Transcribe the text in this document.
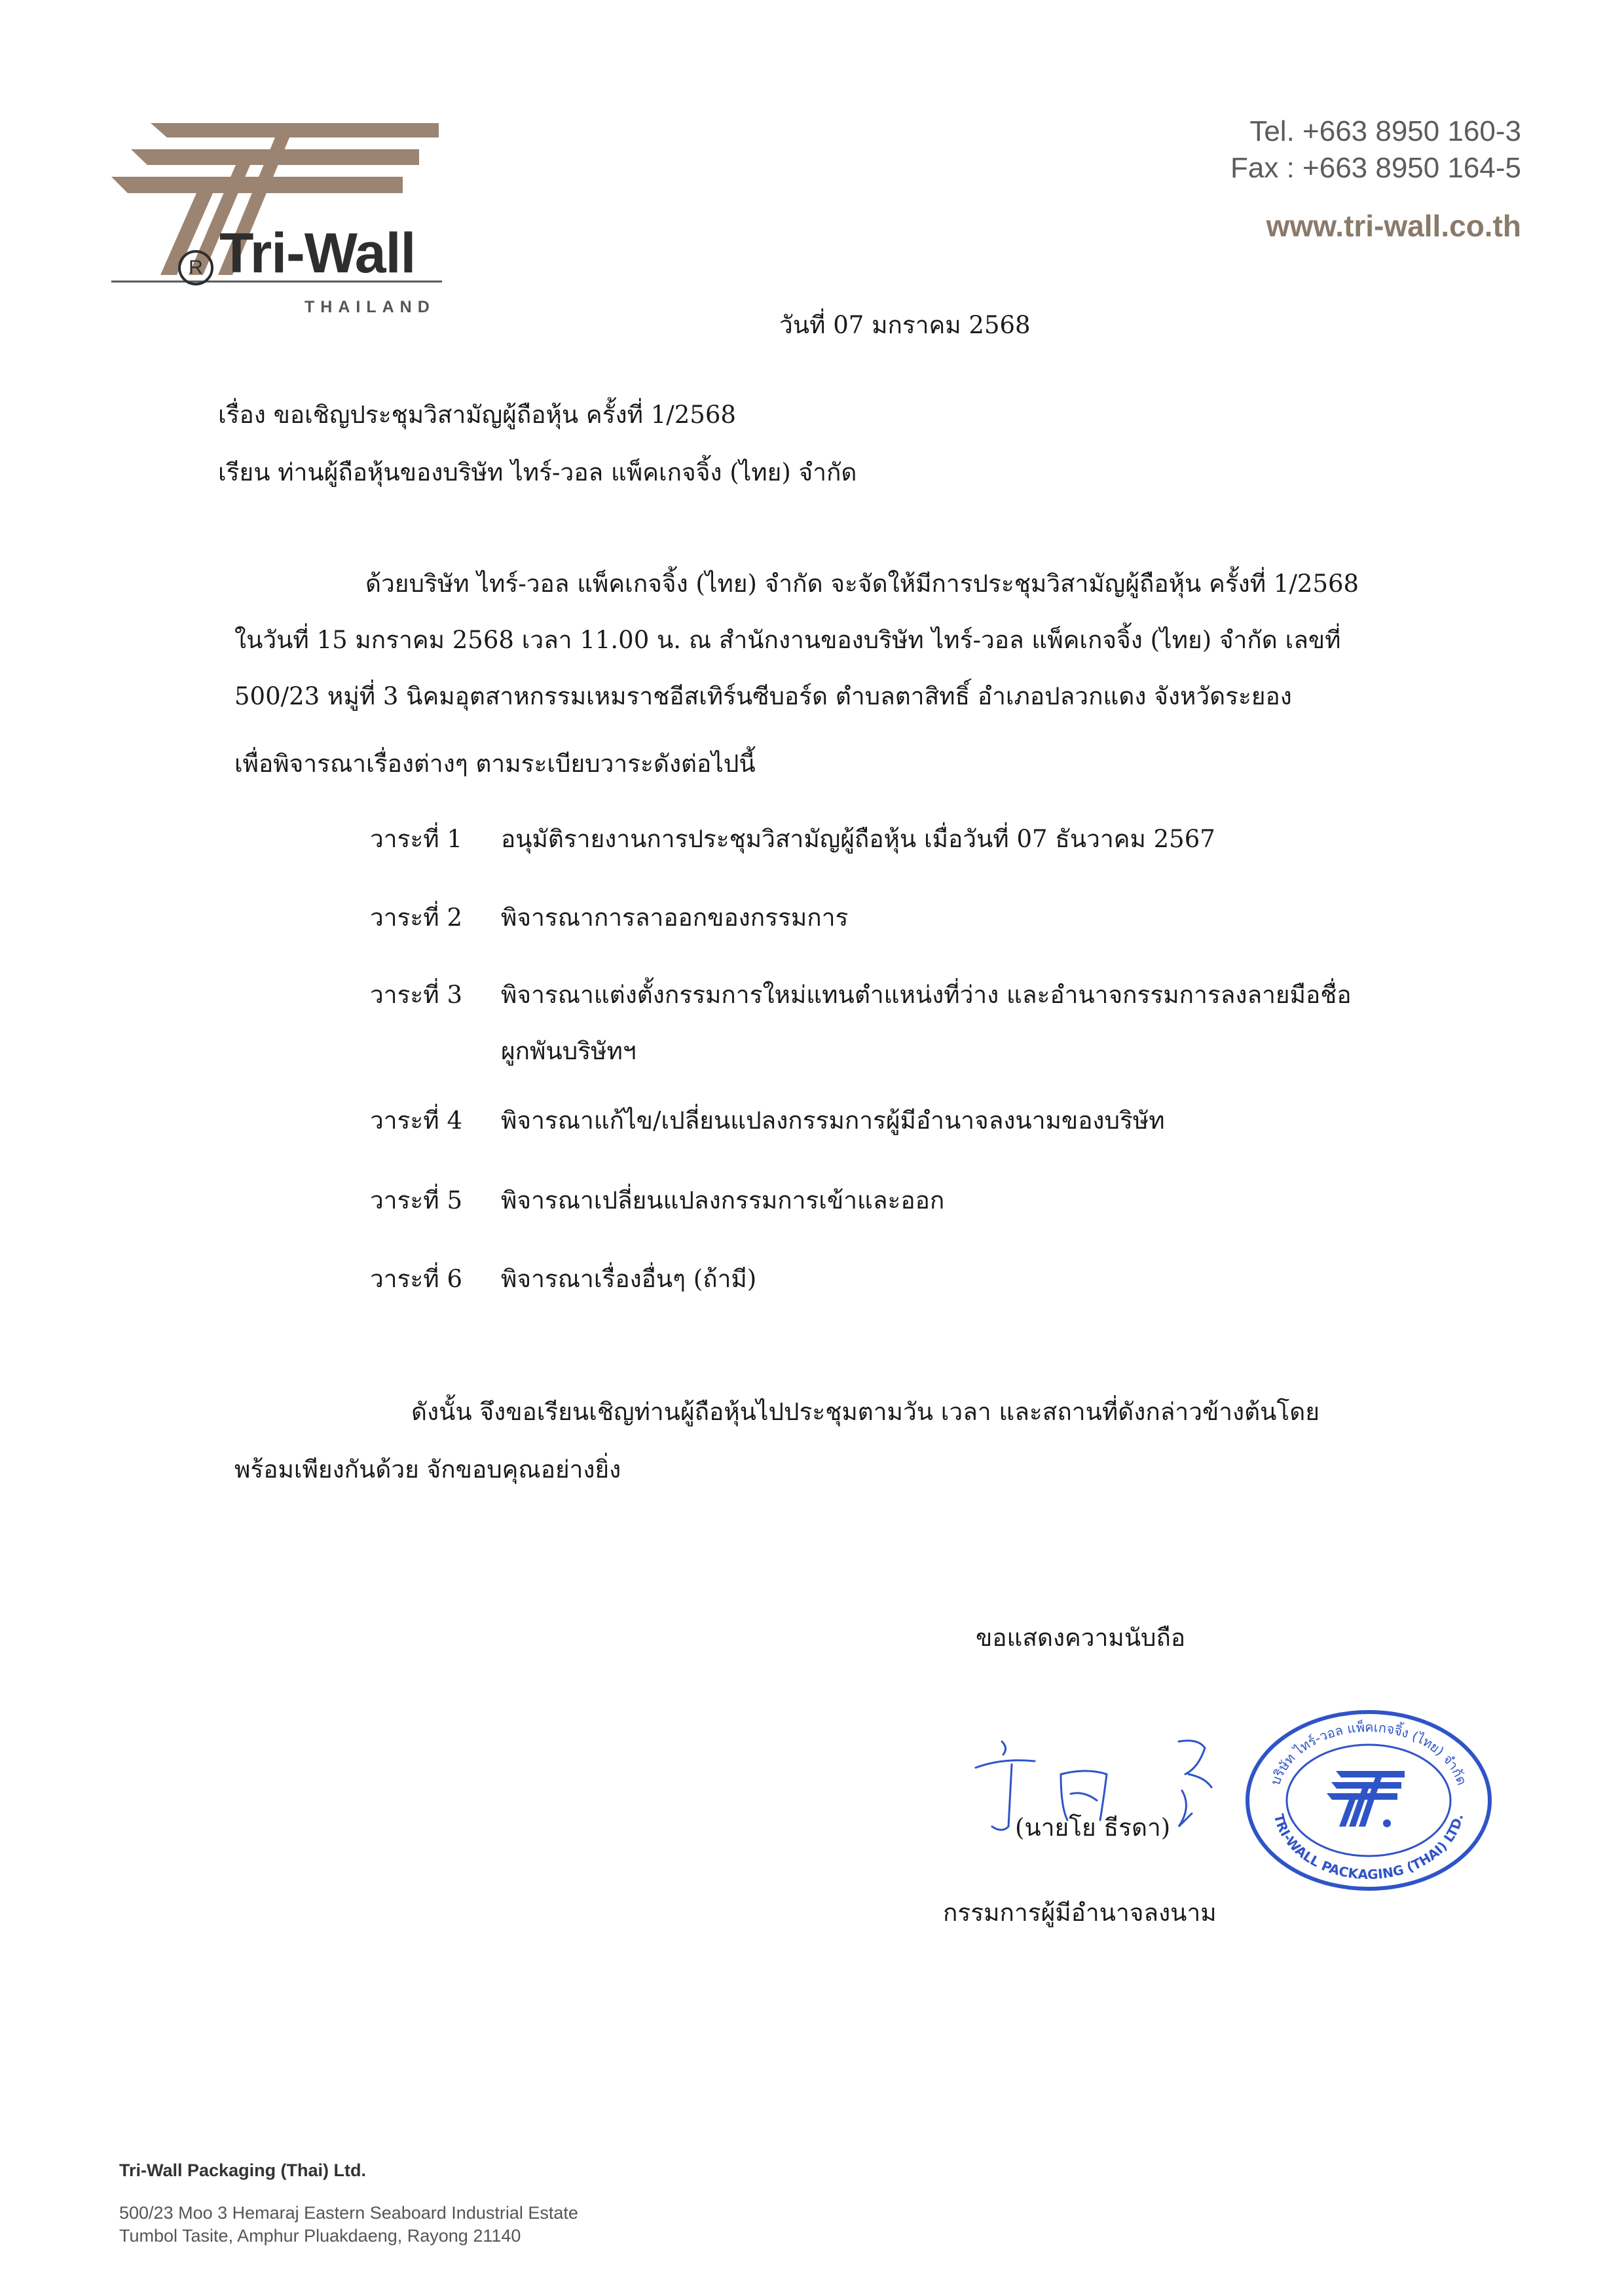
R Tri-Wall
THAILAND
Tel. +663 8950 160-3
Fax : +663 8950 164-5
www.tri-wall.co.th
วันที่ 07 มกราคม 2568
เรื่อง ขอเชิญประชุมวิสามัญผู้ถือหุ้น ครั้งที่ 1/2568
เรียน ท่านผู้ถือหุ้นของบริษัท ไทร์-วอล แพ็คเกจจิ้ง (ไทย) จำกัด
ด้วยบริษัท ไทร์-วอล แพ็คเกจจิ้ง (ไทย) จำกัด จะจัดให้มีการประชุมวิสามัญผู้ถือหุ้น ครั้งที่ 1/2568
ในวันที่ 15 มกราคม 2568 เวลา 11.00 น. ณ สำนักงานของบริษัท ไทร์-วอล แพ็คเกจจิ้ง (ไทย) จำกัด เลขที่
500/23 หมู่ที่ 3 นิคมอุตสาหกรรมเหมราชอีสเทิร์นซีบอร์ด ตำบลตาสิทธิ์ อำเภอปลวกแดง จังหวัดระยอง
เพื่อพิจารณาเรื่องต่างๆ ตามระเบียบวาระดังต่อไปนี้
วาระที่ 1 อนุมัติรายงานการประชุมวิสามัญผู้ถือหุ้น เมื่อวันที่ 07 ธันวาคม 2567
วาระที่ 2 พิจารณาการลาออกของกรรมการ
วาระที่ 3 พิจารณาแต่งตั้งกรรมการใหม่แทนตำแหน่งที่ว่าง และอำนาจกรรมการลงลายมือชื่อ
ผูกพันบริษัทฯ
วาระที่ 4 พิจารณาแก้ไข/เปลี่ยนแปลงกรรมการผู้มีอำนาจลงนามของบริษัท
วาระที่ 5 พิจารณาเปลี่ยนแปลงกรรมการเข้าและออก
วาระที่ 6 พิจารณาเรื่องอื่นๆ (ถ้ามี)
ดังนั้น จึงขอเรียนเชิญท่านผู้ถือหุ้นไปประชุมตามวัน เวลา และสถานที่ดังกล่าวข้างต้นโดย
พร้อมเพียงกันด้วย จักขอบคุณอย่างยิ่ง
ขอแสดงความนับถือ
(นายโย ธีรดา)
กรรมการผู้มีอำนาจลงนาม
บริษัท ไทร์-วอล แพ็คเกจจิ้ง (ไทย) จำกัด
TRI-WALL PACKAGING (THAI) LTD.
Tri-Wall Packaging (Thai) Ltd.
500/23 Moo 3 Hemaraj Eastern Seaboard Industrial Estate
Tumbol Tasite, Amphur Pluakdaeng, Rayong 21140
